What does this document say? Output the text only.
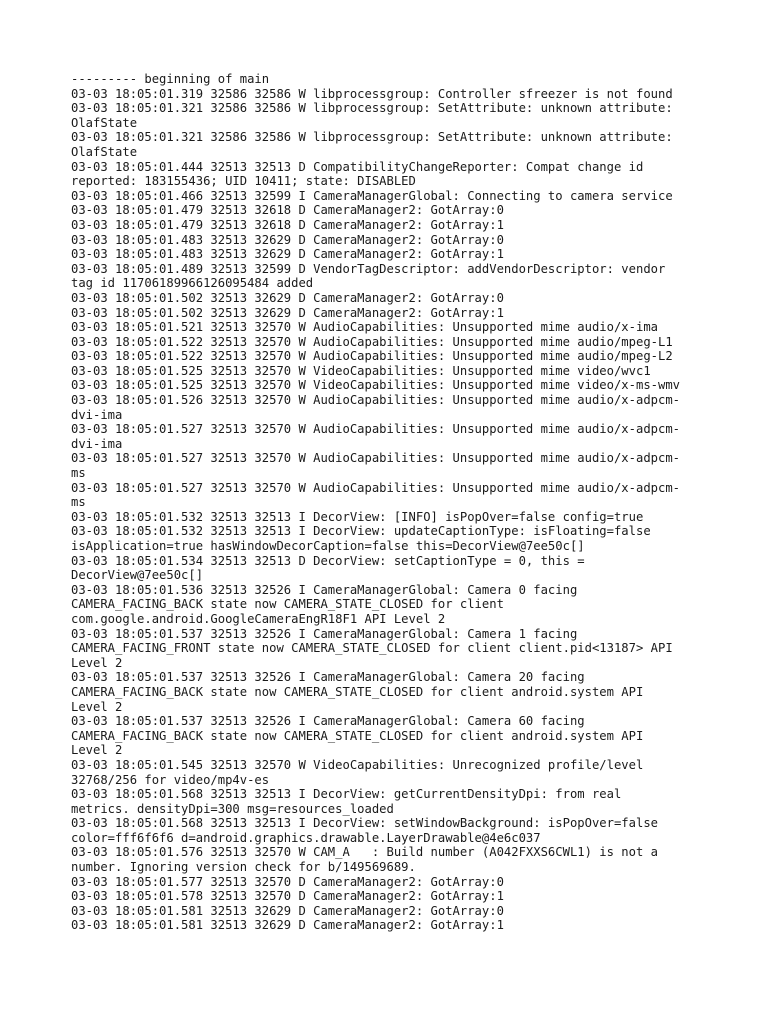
--------- beginning of main
03-03 18:05:01.319 32586 32586 W libprocessgroup: Controller sfreezer is not found
03-03 18:05:01.321 32586 32586 W libprocessgroup: SetAttribute: unknown attribute:
OlafState
03-03 18:05:01.321 32586 32586 W libprocessgroup: SetAttribute: unknown attribute:
OlafState
03-03 18:05:01.444 32513 32513 D CompatibilityChangeReporter: Compat change id
reported: 183155436; UID 10411; state: DISABLED
03-03 18:05:01.466 32513 32599 I CameraManagerGlobal: Connecting to camera service
03-03 18:05:01.479 32513 32618 D CameraManager2: GotArray:0
03-03 18:05:01.479 32513 32618 D CameraManager2: GotArray:1
03-03 18:05:01.483 32513 32629 D CameraManager2: GotArray:0
03-03 18:05:01.483 32513 32629 D CameraManager2: GotArray:1
03-03 18:05:01.489 32513 32599 D VendorTagDescriptor: addVendorDescriptor: vendor
tag id 11706189966126095484 added
03-03 18:05:01.502 32513 32629 D CameraManager2: GotArray:0
03-03 18:05:01.502 32513 32629 D CameraManager2: GotArray:1
03-03 18:05:01.521 32513 32570 W AudioCapabilities: Unsupported mime audio/x-ima
03-03 18:05:01.522 32513 32570 W AudioCapabilities: Unsupported mime audio/mpeg-L1
03-03 18:05:01.522 32513 32570 W AudioCapabilities: Unsupported mime audio/mpeg-L2
03-03 18:05:01.525 32513 32570 W VideoCapabilities: Unsupported mime video/wvc1
03-03 18:05:01.525 32513 32570 W VideoCapabilities: Unsupported mime video/x-ms-wmv
03-03 18:05:01.526 32513 32570 W AudioCapabilities: Unsupported mime audio/x-adpcm-
dvi-ima
03-03 18:05:01.527 32513 32570 W AudioCapabilities: Unsupported mime audio/x-adpcm-
dvi-ima
03-03 18:05:01.527 32513 32570 W AudioCapabilities: Unsupported mime audio/x-adpcm-
ms
03-03 18:05:01.527 32513 32570 W AudioCapabilities: Unsupported mime audio/x-adpcm-
ms
03-03 18:05:01.532 32513 32513 I DecorView: [INFO] isPopOver=false config=true
03-03 18:05:01.532 32513 32513 I DecorView: updateCaptionType: isFloating=false
isApplication=true hasWindowDecorCaption=false this=DecorView@7ee50c[]
03-03 18:05:01.534 32513 32513 D DecorView: setCaptionType = 0, this =
DecorView@7ee50c[]
03-03 18:05:01.536 32513 32526 I CameraManagerGlobal: Camera 0 facing
CAMERA_FACING_BACK state now CAMERA_STATE_CLOSED for client
com.google.android.GoogleCameraEngR18F1 API Level 2
03-03 18:05:01.537 32513 32526 I CameraManagerGlobal: Camera 1 facing
CAMERA_FACING_FRONT state now CAMERA_STATE_CLOSED for client client.pid<13187> API
Level 2
03-03 18:05:01.537 32513 32526 I CameraManagerGlobal: Camera 20 facing
CAMERA_FACING_BACK state now CAMERA_STATE_CLOSED for client android.system API
Level 2
03-03 18:05:01.537 32513 32526 I CameraManagerGlobal: Camera 60 facing
CAMERA_FACING_BACK state now CAMERA_STATE_CLOSED for client android.system API
Level 2
03-03 18:05:01.545 32513 32570 W VideoCapabilities: Unrecognized profile/level
32768/256 for video/mp4v-es
03-03 18:05:01.568 32513 32513 I DecorView: getCurrentDensityDpi: from real
metrics. densityDpi=300 msg=resources_loaded
03-03 18:05:01.568 32513 32513 I DecorView: setWindowBackground: isPopOver=false
color=fff6f6f6 d=android.graphics.drawable.LayerDrawable@4e6c037
03-03 18:05:01.576 32513 32570 W CAM_A   : Build number (A042FXXS6CWL1) is not a
number. Ignoring version check for b/149569689.
03-03 18:05:01.577 32513 32570 D CameraManager2: GotArray:0
03-03 18:05:01.578 32513 32570 D CameraManager2: GotArray:1
03-03 18:05:01.581 32513 32629 D CameraManager2: GotArray:0
03-03 18:05:01.581 32513 32629 D CameraManager2: GotArray:1
